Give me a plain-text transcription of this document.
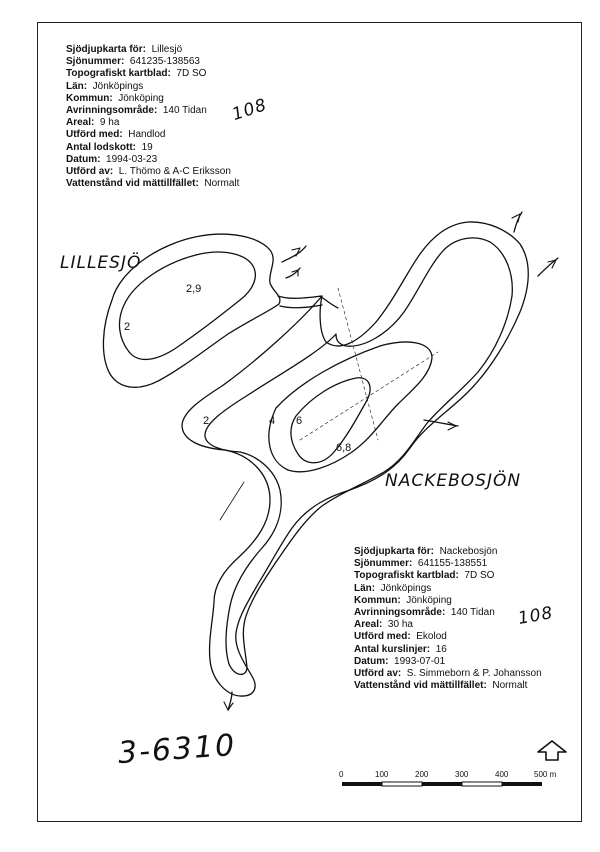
Sjödjupkarta för: Lillesjö
Sjönummer: 641235-138563
Topografiskt kartblad: 7D SO
Län: Jönköpings
Kommun: Jönköping
Avrinningsområde: 140 Tidan
Areal: 9 ha
Utförd med: Handlod
Antal lodskott: 19
Datum: 1994-03-23
Utförd av: L. Thömo & A-C Eriksson
Vattenstånd vid mättillfället: Normalt
Sjödjupkarta för: Nackebosjön
Sjönummer: 641155-138551
Topografiskt kartblad: 7D SO
Län: Jönköpings
Kommun: Jönköping
Avrinningsområde: 140 Tidan
Areal: 30 ha
Utförd med: Ekolod
Antal kurslinjer: 16
Datum: 1993-07-01
Utförd av: S. Simmeborn & P. Johansson
Vattenstånd vid mättillfället: Normalt
108
108
3-6310
LILLESJÖ
NACKEBOSJÖN
2,9
2
2	4 6
6,8
0	100	200	300	400	500 m
